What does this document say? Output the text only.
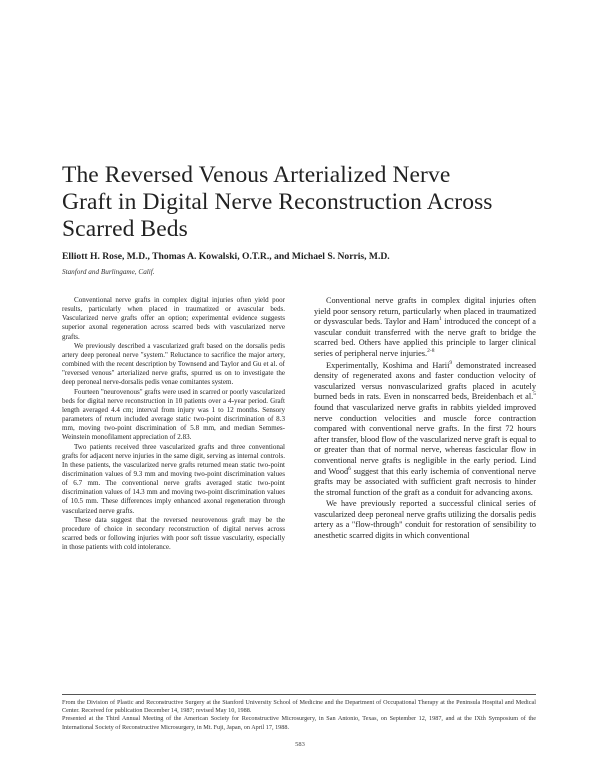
The Reversed Venous Arterialized Nerve
Graft in Digital Nerve Reconstruction Across
Scarred Beds
Elliott H. Rose, M.D., Thomas A. Kowalski, O.T.R., and Michael S. Norris, M.D.
Stanford and Burlingame, Calif.

Conventional nerve grafts in complex digital injuries often yield poor results, particularly when placed in traumatized or avascular beds. Vascularized nerve grafts offer an option; experimental evidence suggests superior axonal regeneration across scarred beds with vascularized nerve grafts.

We previously described a vascularized graft based on the dorsalis pedis artery deep peroneal nerve "system." Reluctance to sacrifice the major artery, combined with the recent description by Townsend and Taylor and Gu et al. of "reversed venous" arterialized nerve grafts, spurred us on to investigate the deep peroneal nerve-dorsalis pedis venae comitantes system.

Fourteen "neurovenous" grafts were used in scarred or poorly vascularized beds for digital nerve reconstruction in 10 patients over a 4-year period. Graft length averaged 4.4 cm; interval from injury was 1 to 12 months. Sensory parameters of return included average static two-point discrimination of 8.3 mm, moving two-point discrimination of 5.8 mm, and median Semmes-Weinstein monofilament appreciation of 2.83.

Two patients received three vascularized grafts and three conventional grafts for adjacent nerve injuries in the same digit, serving as internal controls. In these patients, the vascularized nerve grafts returned mean static two-point discrimination values of 9.3 mm and moving two-point discrimination values of 6.7 mm. The conventional nerve grafts averaged static two-point discrimination values of 14.3 mm and moving two-point discrimination values of 10.5 mm. These differences imply enhanced axonal regeneration through vascularized nerve grafts.

These data suggest that the reversed neurovenous graft may be the procedure of choice in secondary reconstruction of digital nerves across scarred beds or following injuries with poor soft tissue vascularity, especially in those patients with cold intolerance.

Conventional nerve grafts in complex digital injuries often yield poor sensory return, particularly when placed in traumatized or dysvascular beds. Taylor and Ham$^1$ introduced the concept of a vascular conduit transferred with the nerve graft to bridge the scarred bed. Others have applied this principle to larger clinical series of peripheral nerve injuries.$^{2-8}$

Experimentally, Koshima and Harii$^9$ demonstrated increased density of regenerated axons and faster conduction velocity of vascularized versus nonvascularized grafts placed in acutely burned beds in rats. Even in nonscarred beds, Breidenbach et al.$^5$ found that vascularized nerve grafts in rabbits yielded improved nerve conduction velocities and muscle force contraction compared with conventional nerve grafts. In the first 72 hours after transfer, blood flow of the vascularized nerve graft is equal to or greater than that of normal nerve, whereas fascicular flow in conventional nerve grafts is negligible in the early period. Lind and Wood$^6$ suggest that this early ischemia of conventional nerve grafts may be associated with sufficient graft necrosis to hinder the stromal function of the graft as a conduit for advancing axons.

We have previously reported a successful clinical series of vascularized deep peroneal nerve grafts utilizing the dorsalis pedis artery as a "flow-through" conduit for restoration of sensibility to anesthetic scarred digits in which conventional

From the Division of Plastic and Reconstructive Surgery at the Stanford University School of Medicine and the Department of Occupational Therapy at the Peninsula Hospital and Medical Center. Received for publication December 14, 1987; revised May 10, 1988.

Presented at the Third Annual Meeting of the American Society for Reconstructive Microsurgery, in San Antonio, Texas, on September 12, 1987, and at the IXth Symposium of the International Society of Reconstructive Microsurgery, in Mt. Fuji, Japan, on April 17, 1988.

583
